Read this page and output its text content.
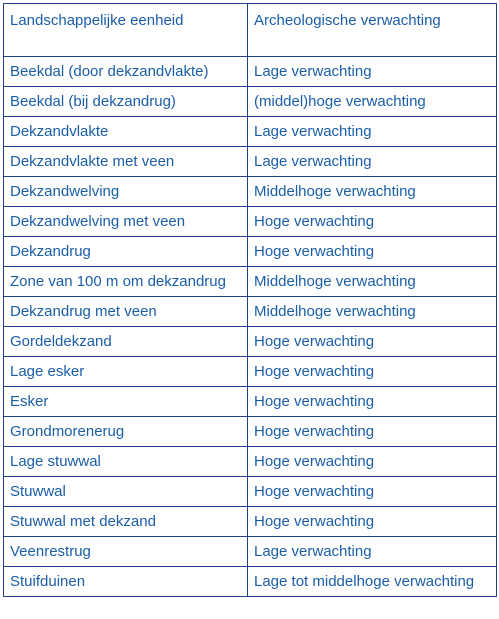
Landschappelijke eenheid	Archeologische verwachting
Beekdal (door dekzandvlakte)	Lage verwachting
Beekdal (bij dekzandrug)	(middel)hoge verwachting
Dekzandvlakte	Lage verwachting
Dekzandvlakte met veen	Lage verwachting
Dekzandwelving	Middelhoge verwachting
Dekzandwelving met veen	Hoge verwachting
Dekzandrug	Hoge verwachting
Zone van 100 m om dekzandrug	Middelhoge verwachting
Dekzandrug met veen	Middelhoge verwachting
Gordeldekzand	Hoge verwachting
Lage esker	Hoge verwachting
Esker	Hoge verwachting
Grondmorenerug	Hoge verwachting
Lage stuwwal	Hoge verwachting
Stuwwal	Hoge verwachting
Stuwwal met dekzand	Hoge verwachting
Veenrestrug	Lage verwachting
Stuifduinen	Lage tot middelhoge verwachting
